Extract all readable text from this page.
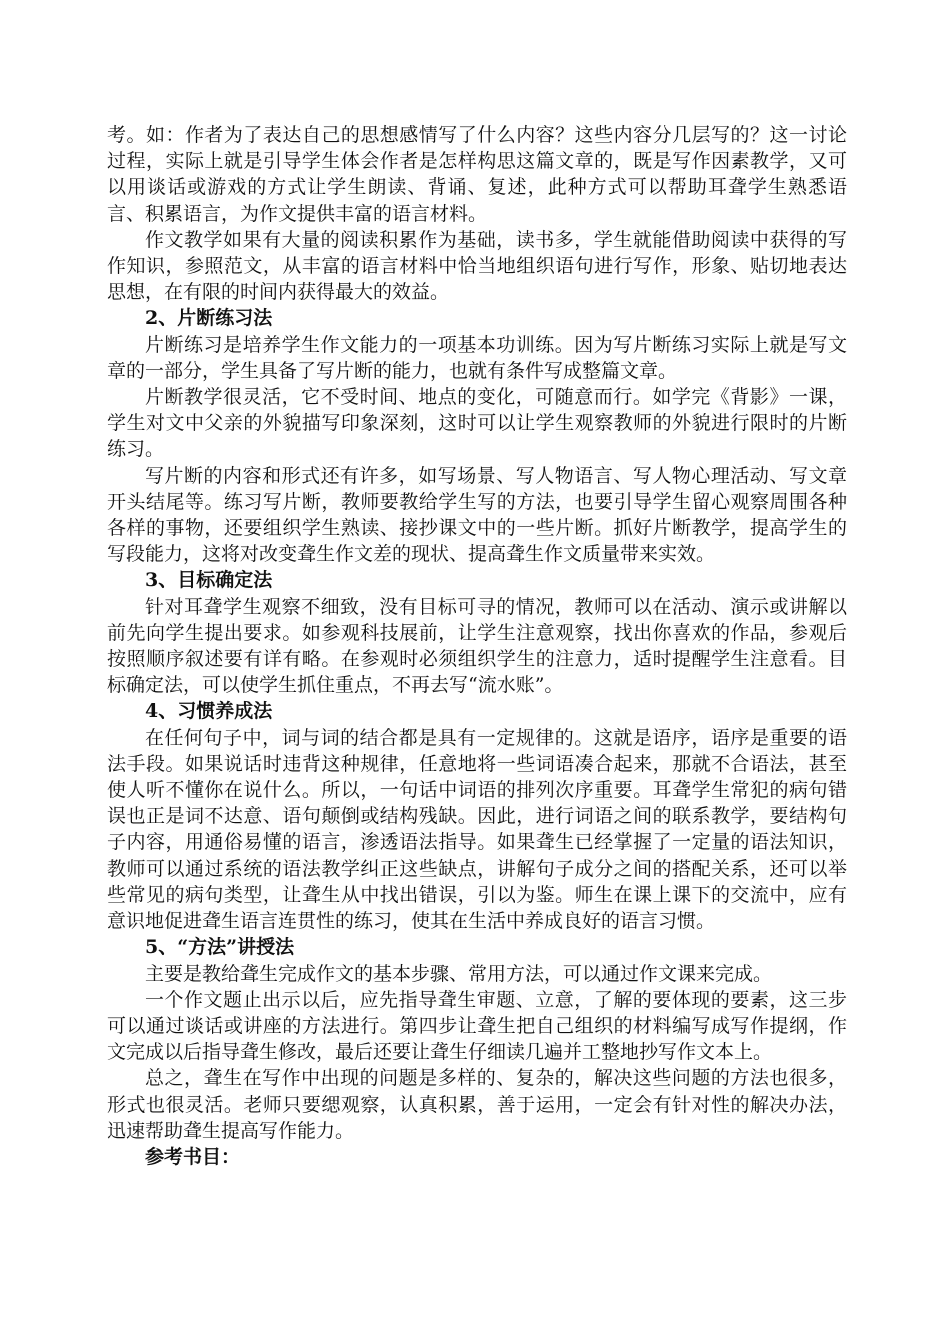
考。如：作者为了表达自己的思想感情写了什么内容？这些内容分几层写的？这一讨论过程，实际上就是引导学生体会作者是怎样构思这篇文章的，既是写作因素教学，又可以用谈话或游戏的方式让学生朗读、背诵、复述，此种方式可以帮助耳聋学生熟悉语言、积累语言，为作文提供丰富的语言材料。

作文教学如果有大量的阅读积累作为基础，读书多，学生就能借助阅读中获得的写作知识，参照范文，从丰富的语言材料中恰当地组织语句进行写作，形象、贴切地表达思想，在有限的时间内获得最大的效益。

2、片断练习法

片断练习是培养学生作文能力的一项基本功训练。因为写片断练习实际上就是写文章的一部分，学生具备了写片断的能力，也就有条件写成整篇文章。

片断教学很灵活，它不受时间、地点的变化，可随意而行。如学完《背影》一课，学生对文中父亲的外貌描写印象深刻，这时可以让学生观察教师的外貌进行限时的片断练习。

写片断的内容和形式还有许多，如写场景、写人物语言、写人物心理活动、写文章开头结尾等。练习写片断，教师要教给学生写的方法，也要引导学生留心观察周围各种各样的事物，还要组织学生熟读、接抄课文中的一些片断。抓好片断教学，提高学生的写段能力，这将对改变聋生作文差的现状、提高聋生作文质量带来实效。

3、目标确定法

针对耳聋学生观察不细致，没有目标可寻的情况，教师可以在活动、演示或讲解以前先向学生提出要求。如参观科技展前，让学生注意观察，找出你喜欢的作品，参观后按照顺序叙述要有详有略。在参观时必须组织学生的注意力，适时提醒学生注意看。目标确定法，可以使学生抓住重点，不再去写“流水账”。

4、习惯养成法

在任何句子中，词与词的结合都是具有一定规律的。这就是语序，语序是重要的语法手段。如果说话时违背这种规律，任意地将一些词语凑合起来，那就不合语法，甚至使人听不懂你在说什么。所以，一句话中词语的排列次序重要。耳聋学生常犯的病句错误也正是词不达意、语句颠倒或结构残缺。因此，进行词语之间的联系教学，要结构句子内容，用通俗易懂的语言，渗透语法指导。如果聋生已经掌握了一定量的语法知识，教师可以通过系统的语法教学纠正这些缺点，讲解句子成分之间的搭配关系，还可以举些常见的病句类型，让聋生从中找出错误，引以为鉴。师生在课上课下的交流中，应有意识地促进聋生语言连贯性的练习，使其在生活中养成良好的语言习惯。

5、“方法”讲授法

主要是教给聋生完成作文的基本步骤、常用方法，可以通过作文课来完成。

一个作文题止出示以后，应先指导聋生审题、立意，了解的要体现的要素，这三步可以通过谈话或讲座的方法进行。第四步让聋生把自己组织的材料编写成写作提纲，作文完成以后指导聋生修改，最后还要让聋生仔细读几遍并工整地抄写作文本上。

总之，聋生在写作中出现的问题是多样的、复杂的，解决这些问题的方法也很多，形式也很灵活。老师只要缌观察，认真积累，善于运用，一定会有针对性的解决办法，迅速帮助聋生提高写作能力。

参考书目：
